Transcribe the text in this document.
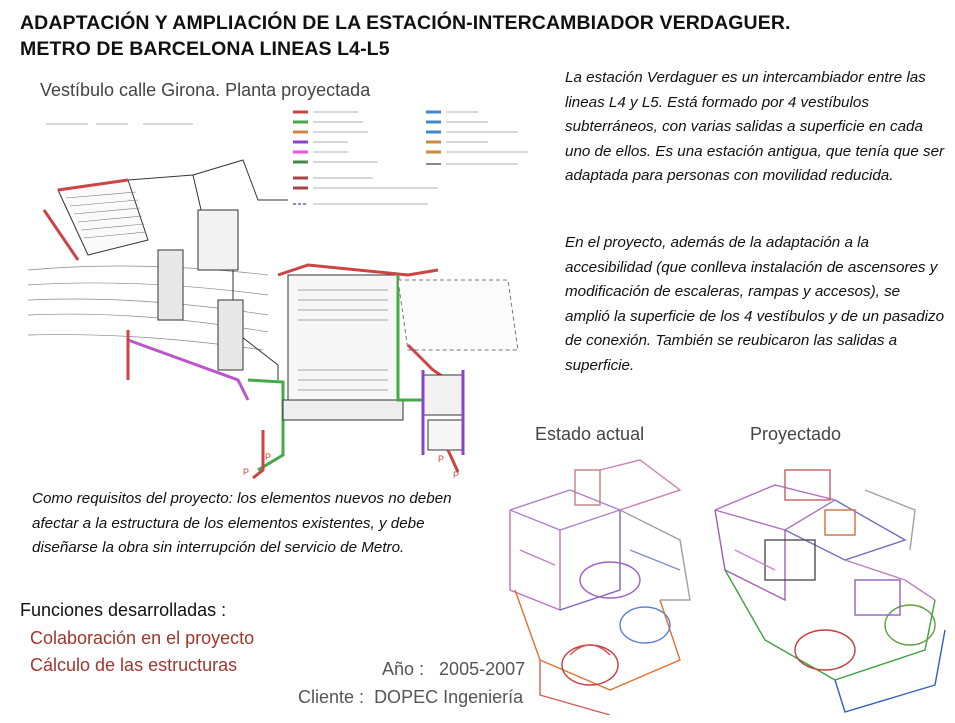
ADAPTACIÓN Y AMPLIACIÓN DE LA ESTACIÓN-INTERCAMBIADOR VERDAGUER.
METRO DE BARCELONA LINEAS L4-L5
Vestíbulo calle Girona. Planta proyectada
P
P	P
P
La estación Verdaguer es un intercambiador entre las lineas L4 y L5. Está formado por 4 vestíbulos subterráneos, con varias salidas a superficie en cada uno de ellos. Es una estación antigua, que tenía que ser adaptada para personas con movilidad reducida.
En el proyecto, además de la adaptación a la accesibilidad (que conlleva instalación de ascensores y modificación de escaleras, rampas y accesos), se amplió la superficie de los 4 vestíbulos y de un pasadizo de conexión. También se reubicaron las salidas a superficie.
Estado actual	Proyectado
Como requisitos del proyecto: los elementos nuevos no deben afectar a la estructura de los elementos existentes, y debe diseñarse la obra sin interrupción del servicio de Metro.
Funciones desarrolladas :
Colaboración en el proyecto
Cálculo de las estructuras	Año : 2005-2007
Cliente : DOPEC Ingeniería
